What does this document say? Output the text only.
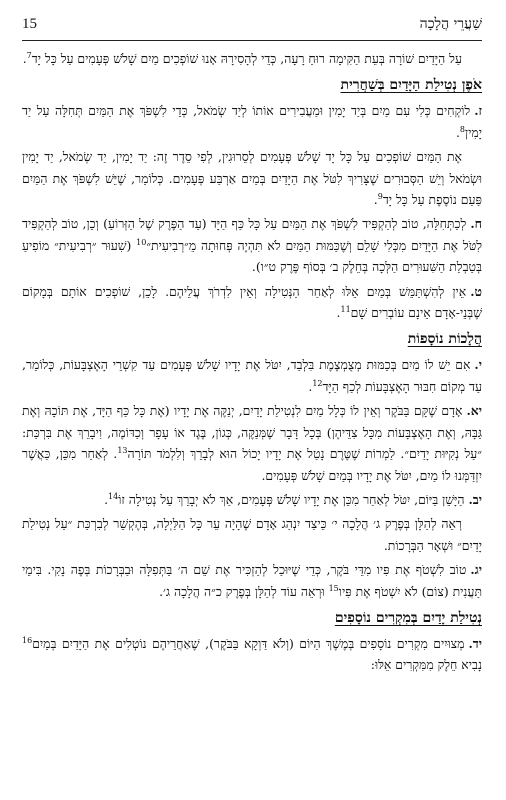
שַׁעֲרֵי הֲלָכָה
15

עַל הַיָּדַיִם שׁוֹרָה בְּעֵת הַקִּימָה רוּחַ רָעָה, כְּדֵי לְהָסִירָהּ אָנוּ שׁוֹפְכִים מַיִם שָׁלֹשׁ פְּעָמִים עַל כָּל יָד$^7$.

אֹפֶן נְטִילַת הַיָּדַיִם בְּשַׁחֲרִית

ז.לוֹקְחִים כְּלִי עִם מַיִם בְּיַד יָמִין וּמַעֲבִירִים אוֹתוֹ לְיַד שְׂמֹאל, כְּדֵי לִשְׁפֹּךְ אֶת הַמַּיִם תְּחִלָּה עַל יַד יָמִין$^8$.

אֶת הַמַּיִם שׁוֹפְכִים עַל כָּל יָד שָׁלֹשׁ פְּעָמִים לְסֵרוּגִין, לְפִי סֵדֶר זֶה: יַד יָמִין, יַד שְׂמֹאל, יַד יָמִין וּשְׂמֹאל וְיֵשׁ הַסְּבוּרִים שֶׁצָּרִיךְ לִטֹּל אֶת הַיָּדַיִם בְּמַיִם אַרְבַּע פְּעָמִים. כְּלוֹמַר, שֶׁיֵּשׁ לִשְׁפֹּךְ אֶת הַמַּיִם פַּעַם נוֹסֶפֶת עַל כָּל יָד$^9$.

ח.לְכַתְּחִלָּה, טוֹב לְהַקְפִּיד לִשְׁפֹּךְ אֶת הַמַּיִם עַל כָּל כַּף הַיָּד (עַד הַפֶּרֶק שֶׁל הַזְּרוֹעַ) וְכֵן, טוֹב לְהַקְפִּיד לִטֹּל אֶת הַיָּדַיִם מִכְּלִי שָׁלֵם וְשֶׁכַּמּוּת הַמַּיִם לֹא תִּהְיֶה פְּחוּתָה מֵ״רְבִיעִית״$^{10}$ (שִׁעוּר ״רְבִיעִית״ מוֹפִיעַ בְּטַבְלַת הַשִּׁעוּרִים הַלְּכָה בְּחֵלֶק ב׳ בְּסוֹף פֶּרֶק ט״ו).

ט.אֵין לְהִשְׁתַּמֵּשׁ בְּמַיִם אֵלּוּ לְאַחַר הַנְּטִילָה וְאֵין לִדְרֹךְ עֲלֵיהֶם. לָכֵן, שׁוֹפְכִים אוֹתָם בְּמָקוֹם שֶׁבְּנֵי-אָדָם אֵינָם עוֹבְרִים שָׁם$^{11}$.

הֲלָכוֹת נוֹסָפוֹת

י.אִם יֵשׁ לוֹ מַיִם בְּכַמּוּת מְצֻמְצֶמֶת בִּלְבַד, יִטֹּל אֶת יָדָיו שָׁלֹשׁ פְּעָמִים עַד קִשְׁרֵי הָאֶצְבָּעוֹת, כְּלוֹמַר, עַד מְקוֹם חִבּוּר הָאֶצְבָּעוֹת לְכַף הַיָּד$^{12}$.

יא.אָדָם שֶׁקָּם בַּבֹּקֶר וְאֵין לוֹ כְּלָל מַיִם לִנְטִילַת יָדַיִם, יְנַקֶּה אֶת יָדָיו (אֶת כָּל כַּף הַיָּד, אֶת תּוֹכָהּ וְאֶת גַּבָּהּ, וְאֶת הָאֶצְבָּעוֹת מִכָּל צִדֵּיהֶן) בְּכָל דָּבָר שֶׁמְּנַקֶּה, כְּגוֹן, בֶּגֶד אוֹ עָפָר וְכַדּוֹמֶה, וִיבָרֵךְ אֶת בִּרְכַּת: ״עַל נְקִיּוּת יָדַיִם״. לַמְרוֹת שֶׁטֶּרֶם נָטַל אֶת יָדָיו יָכוֹל הוּא לְבָרֵךְ וְלִלְמֹד תּוֹרָה$^{13}$. לְאַחַר מִכֵּן, כַּאֲשֶׁר יִזְדַּמְּנוּ לוֹ מַיִם, יִטֹּל אֶת יָדָיו בְּמַיִם שָׁלֹשׁ פְּעָמִים.

יב.הַיָּשֵׁן בַּיּוֹם, יִטֹּל לְאַחַר מִכֵּן אֶת יָדָיו שָׁלֹשׁ פְּעָמִים, אַךְ לֹא יְבָרֵךְ עַל נְטִילָה זוֹ$^{14}$.

רְאֵה לְהַלָּן בְּפֶרֶק ג׳ הֲלָכָה י׳ כֵּיצַד יִנְהַג אָדָם שֶׁהָיָה עֵר כָּל הַלַּיְלָה, בְּהֶקְשֵׁר לְבִרְכַּת ״עַל נְטִילַת יָדַיִם״ וּשְׁאָר הַבְּרָכוֹת.

יג.טוֹב לִשְׁטֹף אֶת פִּיו מִדֵּי בֹּקֶר, כְּדֵי שֶׁיּוּכַל לְהַזְכִּיר אֶת שֵׁם ה׳ בַּתְּפִלָּה וּבַבְּרָכוֹת בְּפֶה נָקִי. בִּימֵי תַּעֲנִית (צוֹם) לֹא יִשְׁטֹף אֶת פִּיו$^{15}$ וּרְאֵה עוֹד לְהַלָּן בְּפֶרֶק כ״ה הֲלָכָה ג׳.

נְטִילַת יָדַיִם בְּמִקְרִים נוֹסָפִים

יד.מְצוּיִים מִקְרִים נוֹסָפִים בְּמֶשֶׁךְ הַיּוֹם (וְלֹא דַּוְקָא בַּבֹּקֶר), שֶׁאַחֲרֵיהֶם נוֹטְלִים אֶת הַיָּדַיִם בְּמַיִם$^{16}$ נָבִיא חֵלֶק מִמִּקְרִים אֵלּוּ:
